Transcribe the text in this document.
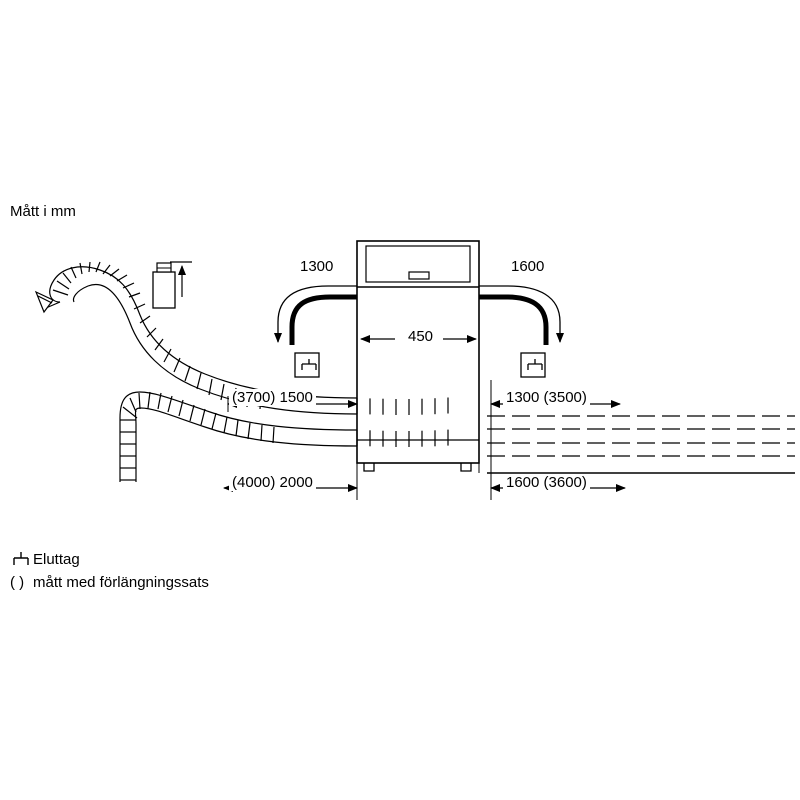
Mått i mm
1300	1600
450
(3700) 1500	1300 (3500)
(4000) 2000	1600 (3600)
Eluttag
( ) mått med förlängningssats
